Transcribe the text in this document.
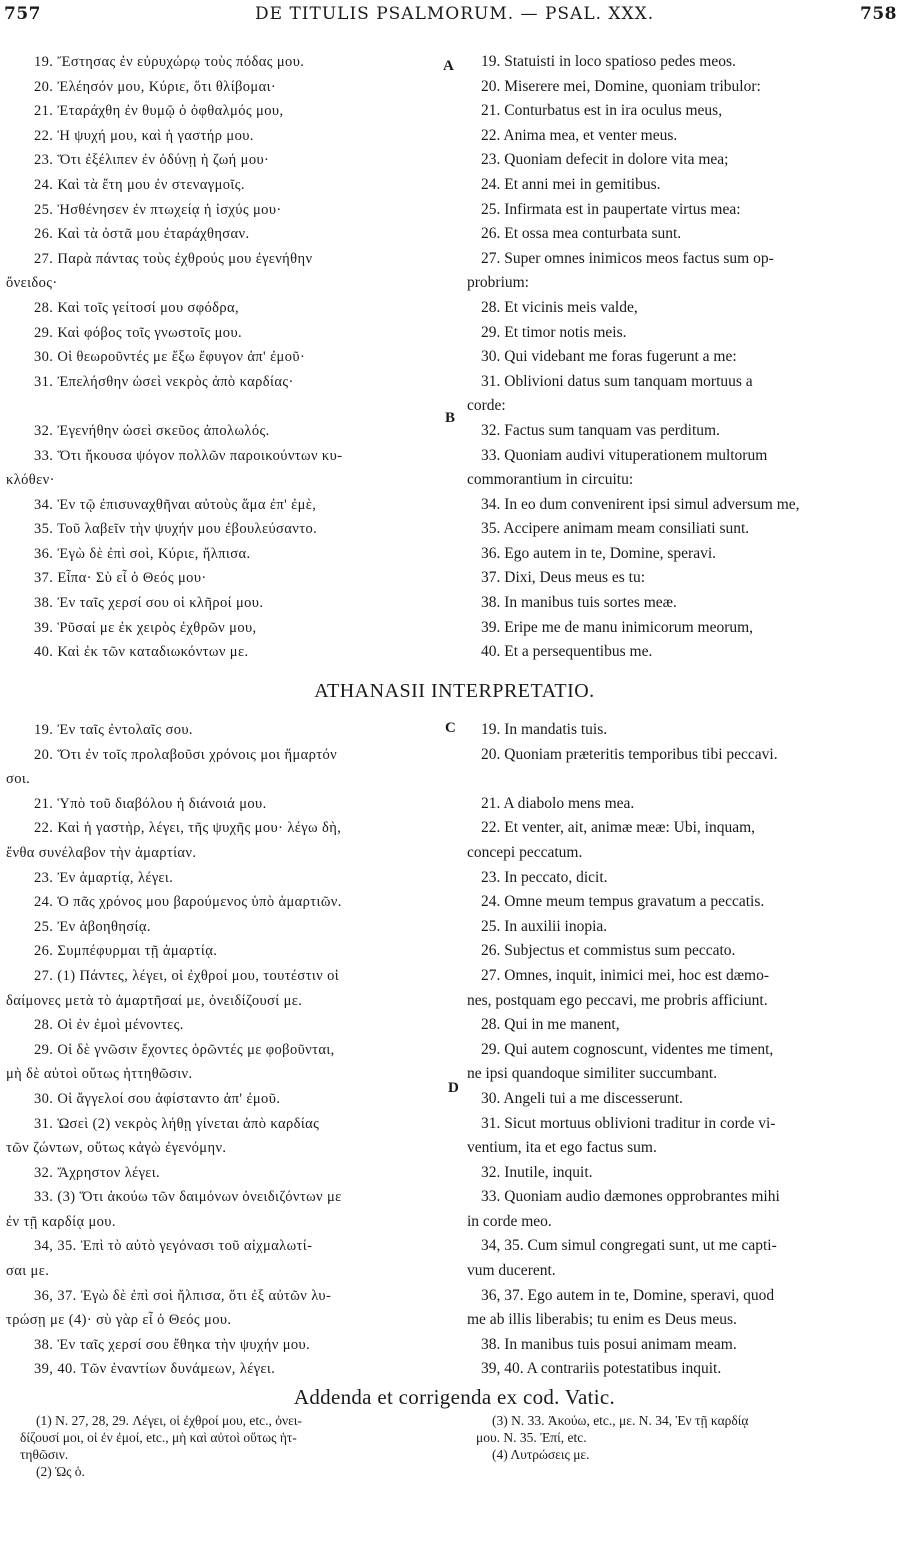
757	DE TITULIS PSALMORUM. — PSAL. XXX.	758

19. Ἔστησας ἐν εὐρυχώρῳ τοὺς πόδας μου.

20. Ἐλέησόν μου, Κύριε, ὅτι θλίβομαι·

21. Ἐταράχθη ἐν θυμῷ ὁ ὀφθαλμός μου,

22. Ἡ ψυχή μου, καὶ ἡ γαστήρ μου.

23. Ὅτι ἐξέλιπεν ἐν ὀδύνῃ ἡ ζωή μου·

24. Καὶ τὰ ἔτη μου ἐν στεναγμοῖς.

25. Ἠσθένησεν ἐν πτωχείᾳ ἡ ἰσχύς μου·

26. Καὶ τὰ ὀστᾶ μου ἐταράχθησαν.

27. Παρὰ πάντας τοὺς ἐχθρούς μου ἐγενήθην

ὄνειδος·

28. Καὶ τοῖς γείτοσί μου σφόδρα,

29. Καὶ φόβος τοῖς γνωστοῖς μου.

30. Οἱ θεωροῦντές με ἔξω ἔφυγον ἀπ' ἐμοῦ·

31. Ἐπελήσθην ὡσεὶ νεκρὸς ἀπὸ καρδίας·

32. Ἐγενήθην ὡσεὶ σκεῦος ἀπολωλός.

33. Ὅτι ἤκουσα ψόγον πολλῶν παροικούντων κυ-

κλόθεν·

34. Ἐν τῷ ἐπισυναχθῆναι αὐτοὺς ἅμα ἐπ' ἐμὲ,

35. Τοῦ λαβεῖν τὴν ψυχήν μου ἐβουλεύσαντο.

36. Ἐγὼ δὲ ἐπὶ σοὶ, Κύριε, ἤλπισα.

37. Εἶπα· Σὺ εἶ ὁ Θεός μου·

38. Ἐν ταῖς χερσί σου οἱ κλῆροί μου.

39. Ῥῦσαί με ἐκ χειρὸς ἐχθρῶν μου,

40. Καὶ ἐκ τῶν καταδιωκόντων με.

19. Statuisti in loco spatioso pedes meos.

20. Miserere mei, Domine, quoniam tribulor:

21. Conturbatus est in ira oculus meus,

22. Anima mea, et venter meus.

23. Quoniam defecit in dolore vita mea;

24. Et anni mei in gemitibus.

25. Infirmata est in paupertate virtus mea:

26. Et ossa mea conturbata sunt.

27. Super omnes inimicos meos factus sum op-

probrium:

28. Et vicinis meis valde,

29. Et timor notis meis.

30. Qui videbant me foras fugerunt a me:

31. Oblivioni datus sum tanquam mortuus a

corde:

32. Factus sum tanquam vas perditum.

33. Quoniam audivi vituperationem multorum

commorantium in circuitu:

34. In eo dum convenirent ipsi simul adversum me,

35. Accipere animam meam consiliati sunt.

36. Ego autem in te, Domine, speravi.

37. Dixi, Deus meus es tu:

38. In manibus tuis sortes meæ.

39. Eripe me de manu inimicorum meorum,

40. Et a persequentibus me.

A
B
C
D
ATHANASII INTERPRETATIO.

19. Ἐν ταῖς ἐντολαῖς σου.

20. Ὅτι ἐν τοῖς προλαβοῦσι χρόνοις μοι ἥμαρτόν

σοι.

21. Ὑπὸ τοῦ διαβόλου ἡ διάνοιά μου.

22. Καὶ ἡ γαστὴρ, λέγει, τῆς ψυχῆς μου· λέγω δὴ,

ἔνθα συνέλαβον τὴν ἁμαρτίαν.

23. Ἐν ἁμαρτίᾳ, λέγει.

24. Ὁ πᾶς χρόνος μου βαρούμενος ὑπὸ ἁμαρτιῶν.

25. Ἐν ἀβοηθησίᾳ.

26. Συμπέφυρμαι τῇ ἁμαρτίᾳ.

27. (1) Πάντες, λέγει, οἱ ἐχθροί μου, τουτέστιν οἱ

δαίμονες μετὰ τὸ ἁμαρτῆσαί με, ὀνειδίζουσί με.

28. Οἱ ἐν ἐμοὶ μένοντες.

29. Οἱ δὲ γνῶσιν ἔχοντες ὁρῶντές με φοβοῦνται,

μὴ δὲ αὐτοὶ οὕτως ἡττηθῶσιν.

30. Οἱ ἄγγελοί σου ἀφίσταντο ἀπ' ἐμοῦ.

31. Ὡσεὶ (2) νεκρὸς λήθῃ γίνεται ἀπὸ καρδίας

τῶν ζώντων, οὕτως κἀγὼ ἐγενόμην.

32. Ἄχρηστον λέγει.

33. (3) Ὅτι ἀκούω τῶν δαιμόνων ὀνειδιζόντων με

ἐν τῇ καρδίᾳ μου.

34, 35. Ἐπὶ τὸ αὐτὸ γεγόνασι τοῦ αἰχμαλωτί-

σαι με.

36, 37. Ἐγὼ δὲ ἐπὶ σοὶ ἤλπισα, ὅτι ἐξ αὐτῶν λυ-

τρώσῃ με (4)· σὺ γὰρ εἶ ὁ Θεός μου.

38. Ἐν ταῖς χερσί σου ἔθηκα τὴν ψυχήν μου.

39, 40. Τῶν ἐναντίων δυνάμεων, λέγει.

19. In mandatis tuis.

20. Quoniam præteritis temporibus tibi peccavi.

21. A diabolo mens mea.

22. Et venter, ait, animæ meæ: Ubi, inquam,

concepi peccatum.

23. In peccato, dicit.

24. Omne meum tempus gravatum a peccatis.

25. In auxilii inopia.

26. Subjectus et commistus sum peccato.

27. Omnes, inquit, inimici mei, hoc est dæmo-

nes, postquam ego peccavi, me probris afficiunt.

28. Qui in me manent,

29. Qui autem cognoscunt, videntes me timent,

ne ipsi quandoque similiter succumbant.

30. Angeli tui a me discesserunt.

31. Sicut mortuus oblivioni traditur in corde vi-

ventium, ita et ego factus sum.

32. Inutile, inquit.

33. Quoniam audio dæmones opprobrantes mihi

in corde meo.

34, 35. Cum simul congregati sunt, ut me capti-

vum ducerent.

36, 37. Ego autem in te, Domine, speravi, quod

me ab illis liberabis; tu enim es Deus meus.

38. In manibus tuis posui animam meam.

39, 40. A contrariis potestatibus inquit.

Addenda et corrigenda ex cod. Vatic.

(1) N. 27, 28, 29. Λέγει, οἱ ἐχθροί μου, etc., ὀνει-

δίζουσί μοι, οἱ ἐν ἐμοί, etc., μὴ καὶ αὐτοὶ οὕτως ἡτ-

τηθῶσιν.

(2) Ὡς ὁ.

(3) N. 33. Ἀκούω, etc., με. N. 34, Ἐν τῇ καρδίᾳ

μου. N. 35. Ἐπί, etc.

(4) Λυτρώσεις με.
